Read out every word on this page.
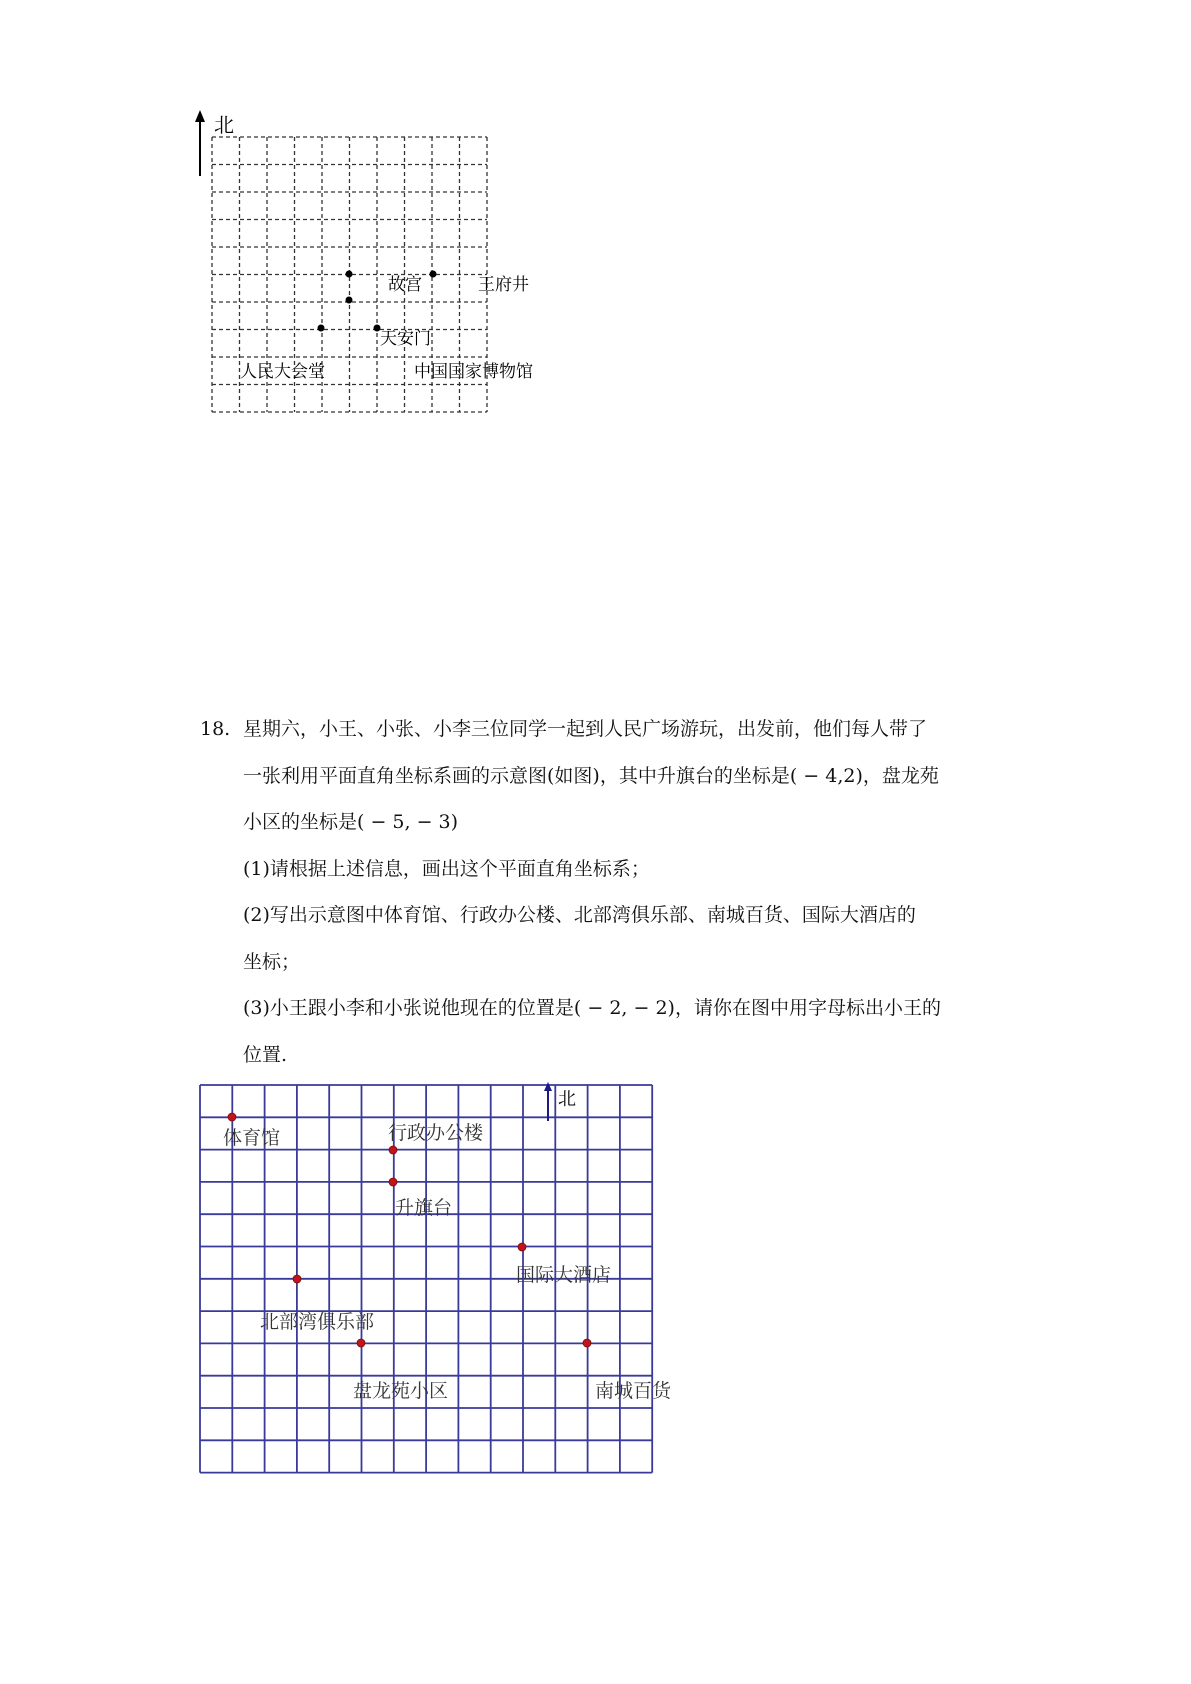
北
故宫	王府井
天安门
人民大会堂	中国国家博物馆
18. 星期六，小王、小张、小李三位同学一起到人民广场游玩，出发前，他们每人带了
一张利用平面直角坐标系画的示意图(如图)，其中升旗台的坐标是( − 4,2)，盘龙苑
小区的坐标是( − 5, − 3)
(1)请根据上述信息，画出这个平面直角坐标系；
(2)写出示意图中体育馆、行政办公楼、北部湾俱乐部、南城百货、国际大酒店的
坐标；
(3)小王跟小李和小张说他现在的位置是( − 2, − 2)，请你在图中用字母标出小王的
位置.
北
体育馆	行政办公楼
升旗台
国际大酒店
北部湾俱乐部
盘龙苑小区	南城百货
